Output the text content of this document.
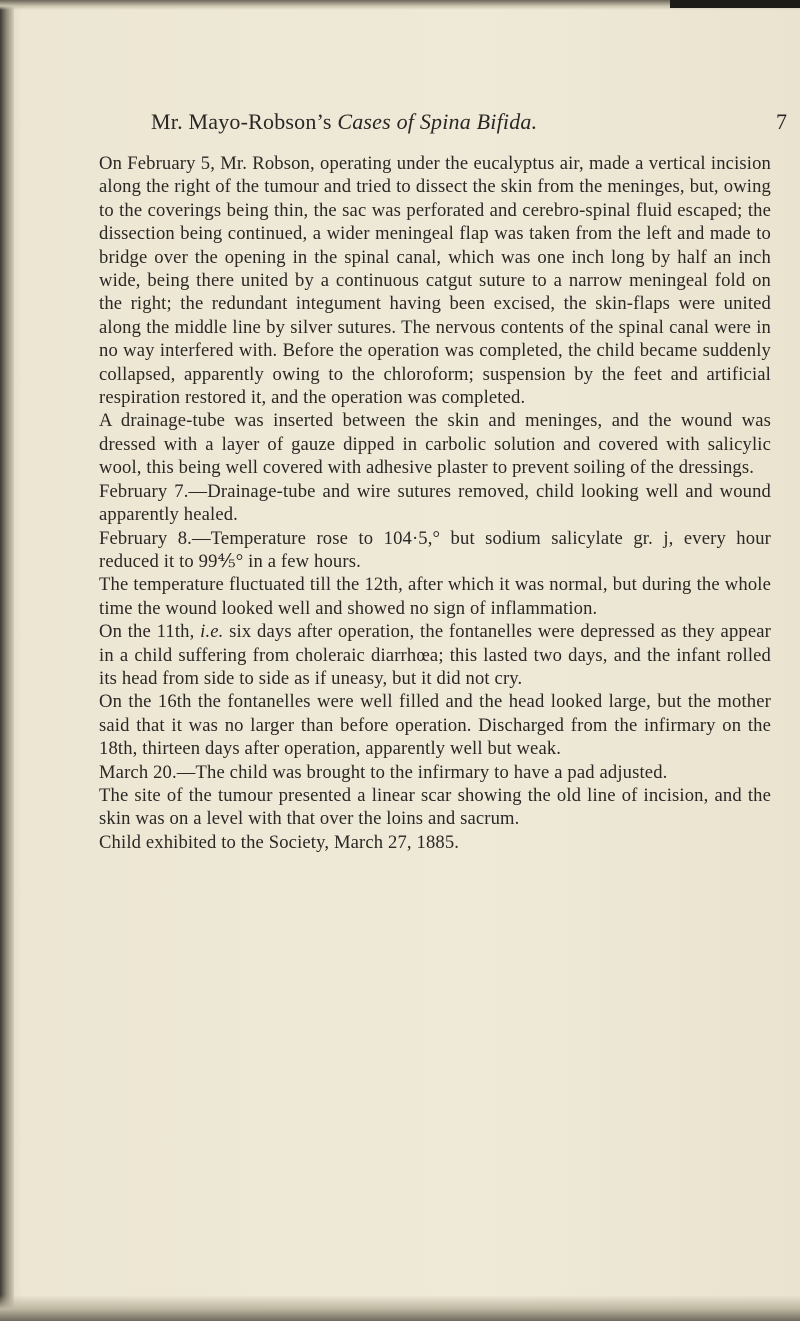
Mr. Mayo-Robson’s Cases of Spina Bifida.	7

On February 5, Mr. Robson, operating under the eucalyptus air, made a vertical incision along the right of the tumour and tried to dissect the skin from the meninges, but, owing to the coverings being thin, the sac was perforated and cerebro-spinal fluid escaped; the dissection being continued, a wider meningeal flap was taken from the left and made to bridge over the opening in the spinal canal, which was one inch long by half an inch wide, being there united by a continuous catgut suture to a narrow meningeal fold on the right; the redundant integument having been excised, the skin-flaps were united along the middle line by silver sutures. The nervous contents of the spinal canal were in no way interfered with. Before the operation was completed, the child became suddenly collapsed, apparently owing to the chloroform; suspension by the feet and artificial respiration restored it, and the operation was completed.

A drainage-tube was inserted between the skin and meninges, and the wound was dressed with a layer of gauze dipped in carbolic solution and covered with salicylic wool, this being well covered with adhesive plaster to prevent soiling of the dressings.

February 7.—Drainage-tube and wire sutures removed, child looking well and wound apparently healed.

February 8.—Temperature rose to 104·5,° but sodium salicylate gr. j, every hour reduced it to 99⅘° in a few hours.

The temperature fluctuated till the 12th, after which it was normal, but during the whole time the wound looked well and showed no sign of inflammation.

On the 11th, i.e. six days after operation, the fontanelles were depressed as they appear in a child suffering from choleraic diarrhœa; this lasted two days, and the infant rolled its head from side to side as if uneasy, but it did not cry.

On the 16th the fontanelles were well filled and the head looked large, but the mother said that it was no larger than before operation. Discharged from the infirmary on the 18th, thirteen days after operation, apparently well but weak.

March 20.—The child was brought to the infirmary to have a pad adjusted.

The site of the tumour presented a linear scar showing the old line of incision, and the skin was on a level with that over the loins and sacrum.

Child exhibited to the Society, March 27, 1885.
